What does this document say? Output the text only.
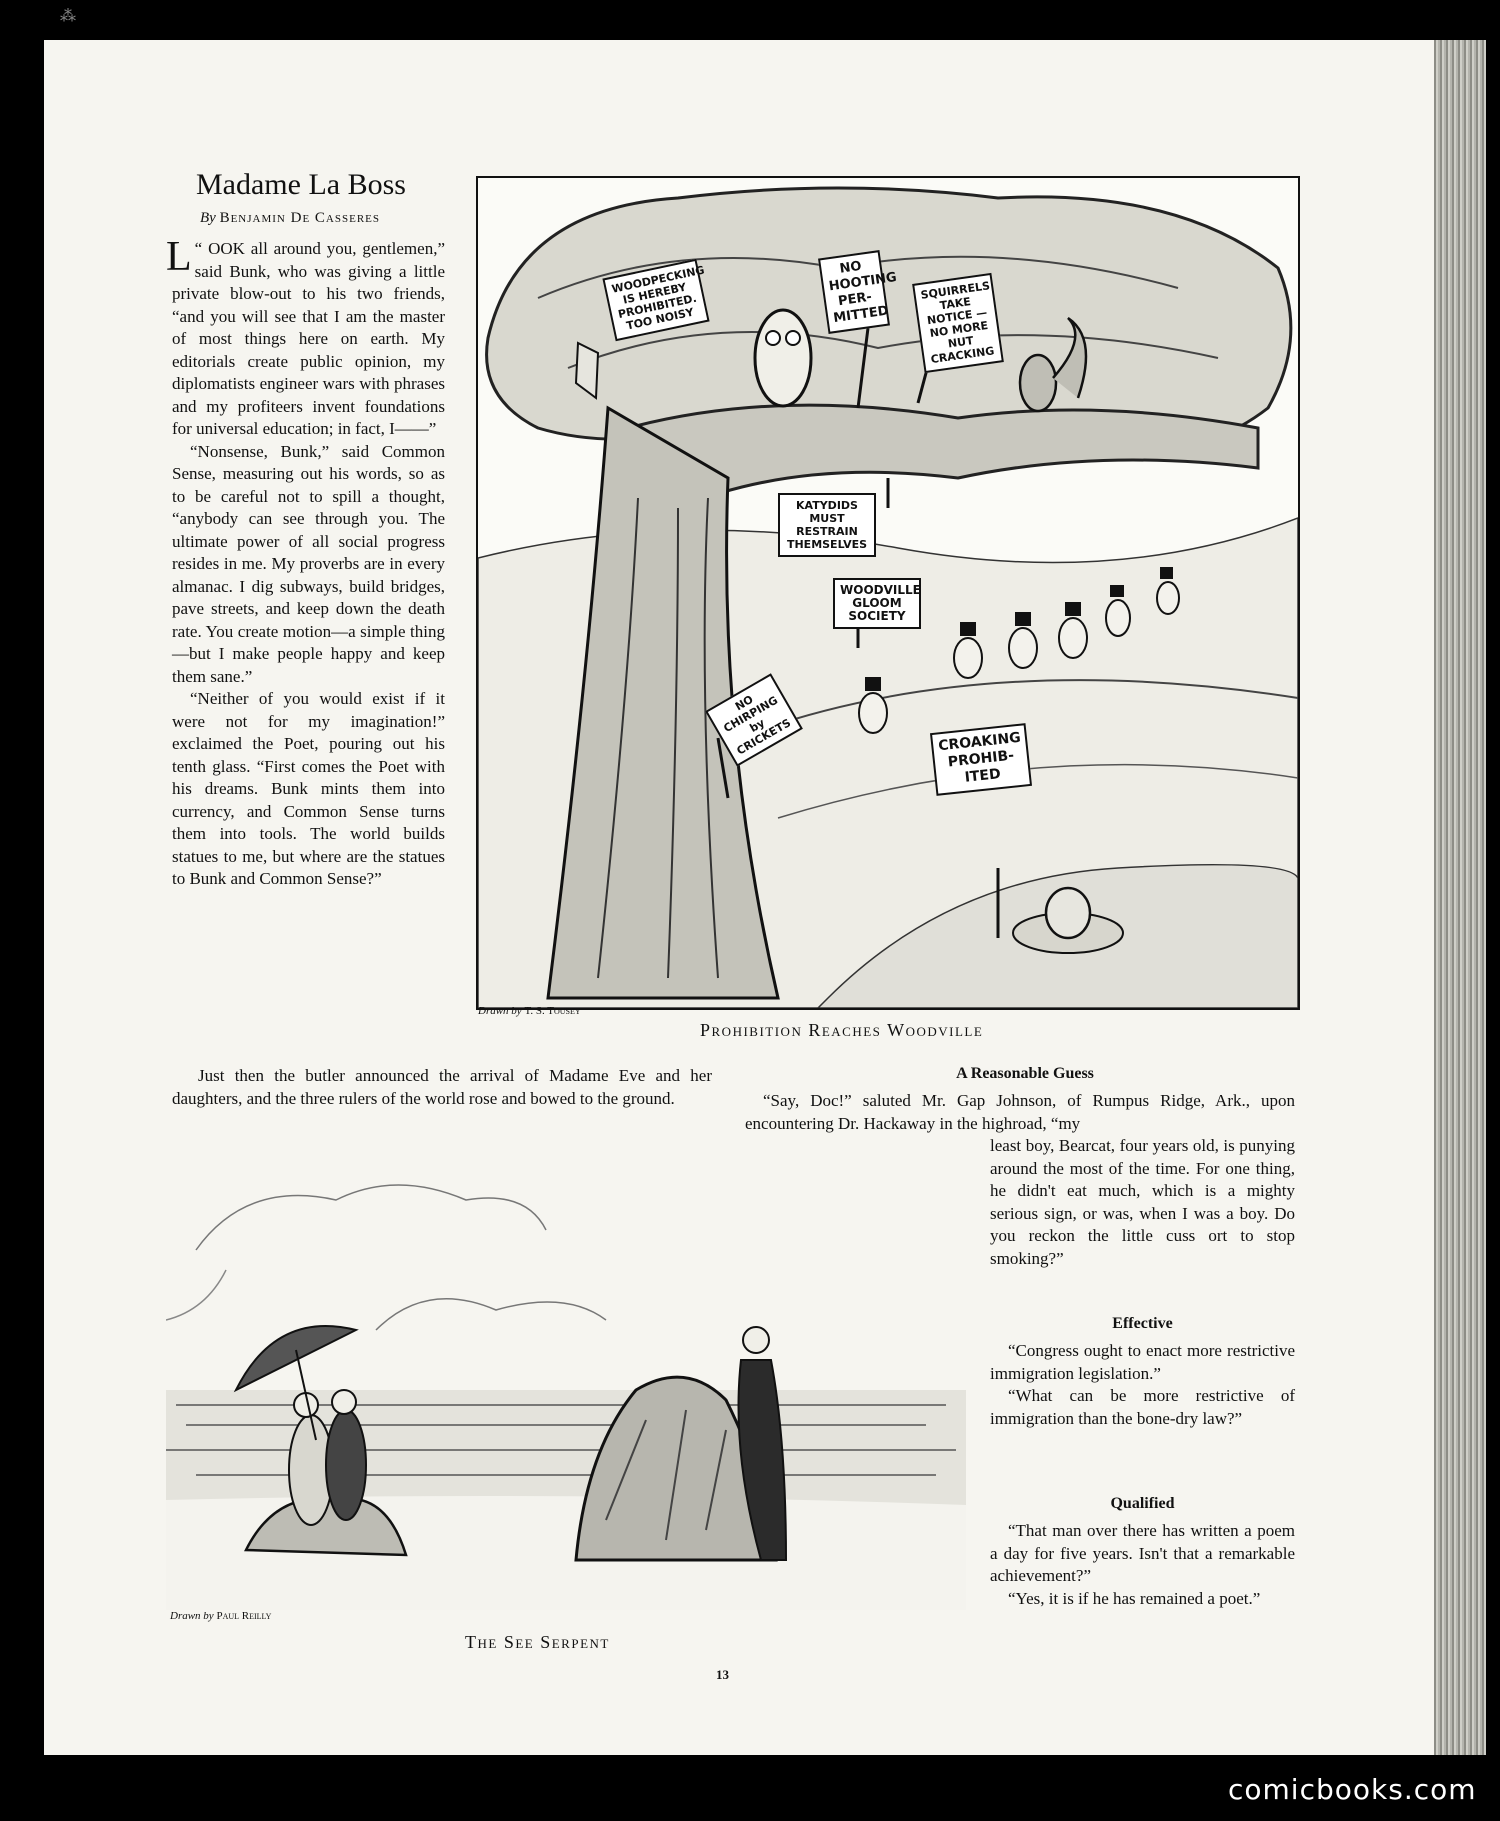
⁂
Madame La Boss
By Benjamin De Casseres

L “ OOK all around you, gentlemen,” said Bunk, who was giving a little private blow-out to his two friends, “and you will see that I am the master of most things here on earth. My editorials create public opinion, my diplomatists engineer wars with phrases and my profiteers invent foundations for universal education; in fact, I——”

“Nonsense, Bunk,” said Common Sense, measuring out his words, so as to be careful not to spill a thought, “anybody can see through you. The ultimate power of all social progress resides in me. My proverbs are in every almanac. I dig subways, build bridges, pave streets, and keep down the death rate. You create motion—a simple thing—but I make people happy and keep them sane.”

“Neither of you would exist if it were not for my imagination!” exclaimed the Poet, pouring out his tenth glass. “First comes the Poet with his dreams. Bunk mints them into currency, and Common Sense turns them into tools. The world builds statues to me, but where are the statues to Bunk and Common Sense?”

Just then the butler announced the arrival of Madame Eve and her daughters, and the three rulers of the world rose and bowed to the ground.

WOODPECKING IS HEREBY PROHIBITED. TOO NOISY
NO HOOTING PER-MITTED
SQUIRRELS TAKE NOTICE — NO MORE NUT CRACKING
KATYDIDS MUST RESTRAIN THEMSELVES
WOODVILLE GLOOM SOCIETY
NO CHIRPING by CRICKETS	CROAKING PROHIB-ITED
Drawn by T. S. Tousey
Prohibition Reaches Woodville
A Reasonable Guess

“Say, Doc!” saluted Mr. Gap Johnson, of Rumpus Ridge, Ark., upon encountering Dr. Hackaway in the highroad, “my

least boy, Bearcat, four years old, is punying around the most of the time. For one thing, he didn't eat much, which is a mighty serious sign, or was, when I was a boy. Do you reckon the little cuss ort to stop smoking?”

Effective

“Congress ought to enact more restrictive immigration legislation.”

“What can be more restrictive of immigration than the bone-dry law?”

Qualified

“That man over there has written a poem a day for five years. Isn't that a remarkable achievement?”

“Yes, it is if he has remained a poet.”

Drawn by Paul Reilly
The See Serpent
13
comicbooks.com
